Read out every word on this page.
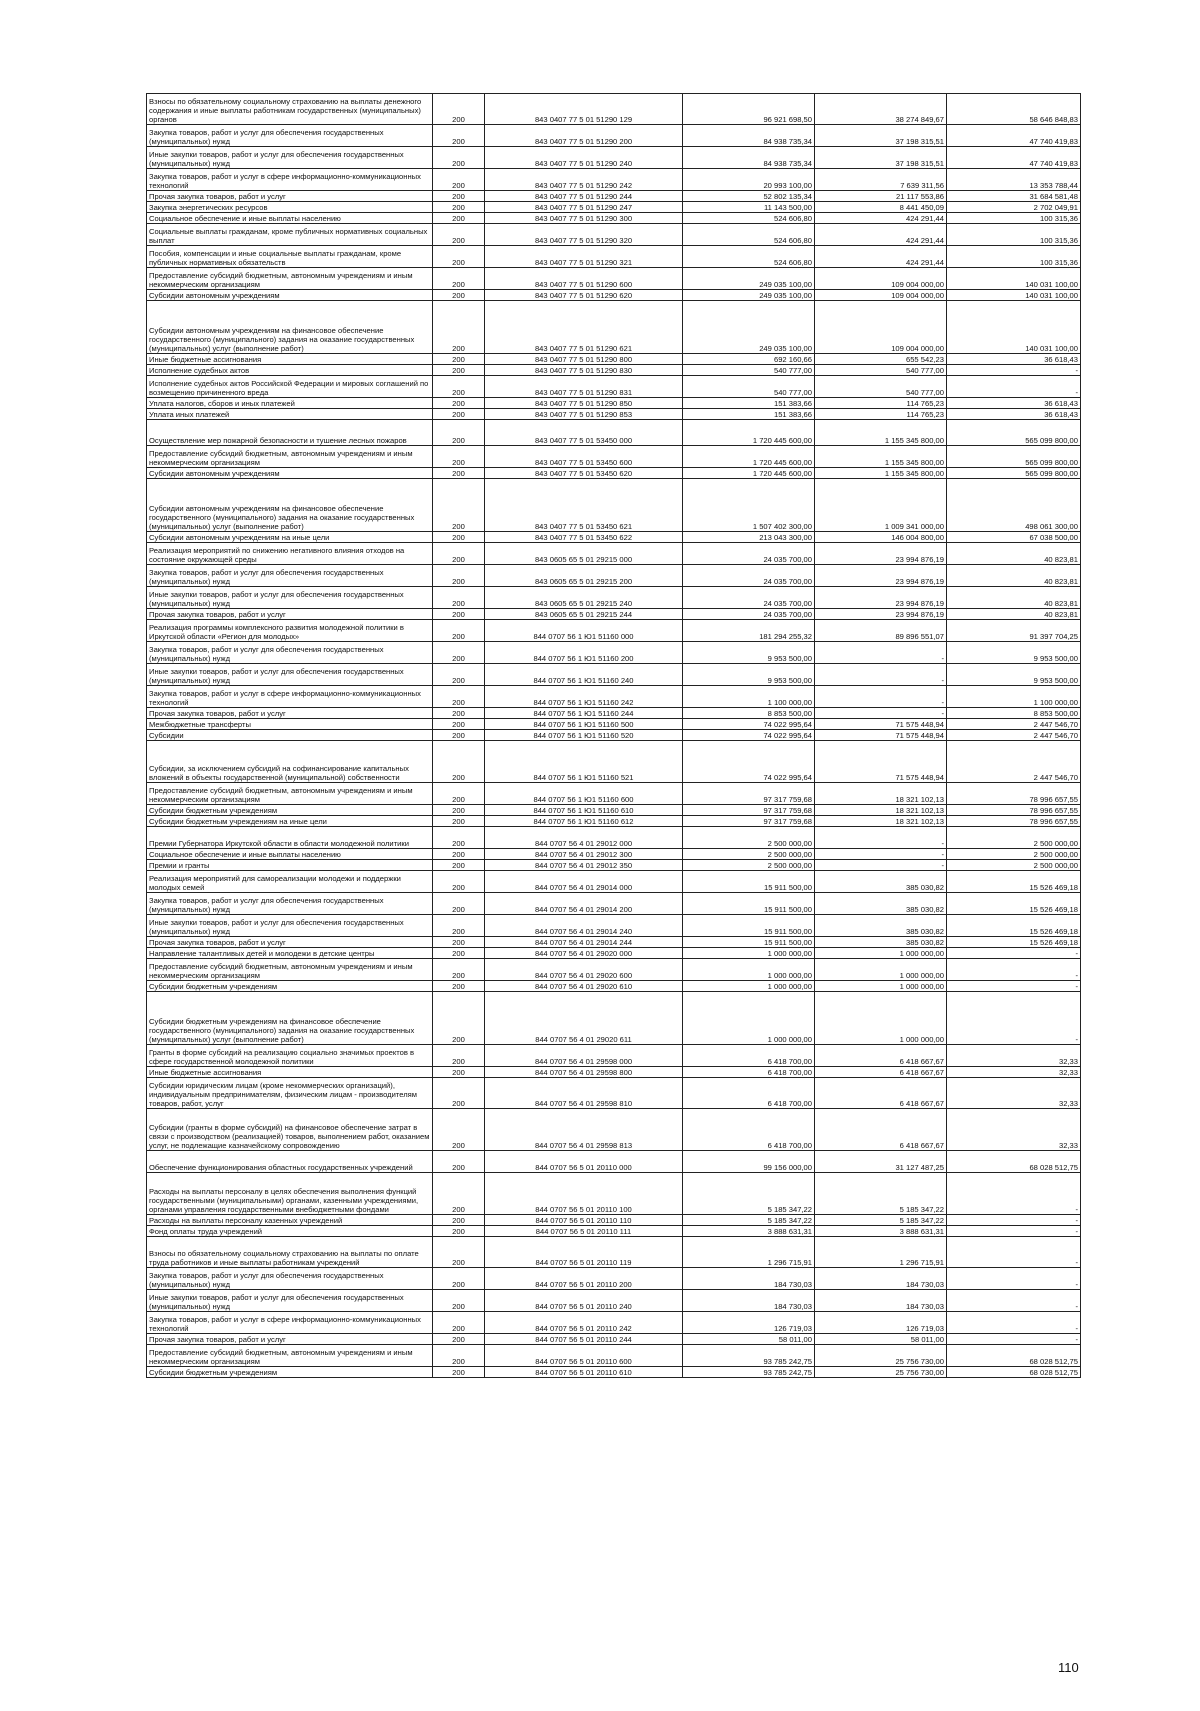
Взносы по обязательному социальному страхованию на выплаты денежного содержания и иные выплаты работникам государственных (муниципальных) органов	200	843 0407 77 5 01 51290 129	96 921 698,50	38 274 849,67	58 646 848,83
Закупка товаров, работ и услуг для обеспечения государственных (муниципальных) нужд	200	843 0407 77 5 01 51290 200	84 938 735,34	37 198 315,51	47 740 419,83
Иные закупки товаров, работ и услуг для обеспечения государственных (муниципальных) нужд	200	843 0407 77 5 01 51290 240	84 938 735,34	37 198 315,51	47 740 419,83
Закупка товаров, работ и услуг в сфере информационно-коммуникационных технологий	200	843 0407 77 5 01 51290 242	20 993 100,00	7 639 311,56	13 353 788,44
Прочая закупка товаров, работ и услуг	200	843 0407 77 5 01 51290 244	52 802 135,34	21 117 553,86	31 684 581,48
Закупка энергетических ресурсов	200	843 0407 77 5 01 51290 247	11 143 500,00	8 441 450,09	2 702 049,91
Социальное обеспечение и иные выплаты населению	200	843 0407 77 5 01 51290 300	524 606,80	424 291,44	100 315,36
Социальные выплаты гражданам, кроме публичных нормативных социальных выплат	200	843 0407 77 5 01 51290 320	524 606,80	424 291,44	100 315,36
Пособия, компенсации и иные социальные выплаты гражданам, кроме публичных нормативных обязательств	200	843 0407 77 5 01 51290 321	524 606,80	424 291,44	100 315,36
Предоставление субсидий бюджетным, автономным учреждениям и иным некоммерческим организациям	200	843 0407 77 5 01 51290 600	249 035 100,00	109 004 000,00	140 031 100,00
Субсидии автономным учреждениям	200	843 0407 77 5 01 51290 620	249 035 100,00	109 004 000,00	140 031 100,00
Субсидии автономным учреждениям на финансовое обеспечение государственного (муниципального) задания на оказание государственных (муниципальных) услуг (выполнение работ)	200	843 0407 77 5 01 51290 621	249 035 100,00	109 004 000,00	140 031 100,00
Иные бюджетные ассигнования	200	843 0407 77 5 01 51290 800	692 160,66	655 542,23	36 618,43
Исполнение судебных актов	200	843 0407 77 5 01 51290 830	540 777,00	540 777,00	-
Исполнение судебных актов Российской Федерации и мировых соглашений по возмещению причиненного вреда	200	843 0407 77 5 01 51290 831	540 777,00	540 777,00	-
Уплата налогов, сборов и иных платежей	200	843 0407 77 5 01 51290 850	151 383,66	114 765,23	36 618,43
Уплата иных платежей	200	843 0407 77 5 01 51290 853	151 383,66	114 765,23	36 618,43
Осуществление мер пожарной безопасности и тушение лесных пожаров	200	843 0407 77 5 01 53450 000	1 720 445 600,00	1 155 345 800,00	565 099 800,00
Предоставление субсидий бюджетным, автономным учреждениям и иным некоммерческим организациям	200	843 0407 77 5 01 53450 600	1 720 445 600,00	1 155 345 800,00	565 099 800,00
Субсидии автономным учреждениям	200	843 0407 77 5 01 53450 620	1 720 445 600,00	1 155 345 800,00	565 099 800,00
Субсидии автономным учреждениям на финансовое обеспечение государственного (муниципального) задания на оказание государственных (муниципальных) услуг (выполнение работ)	200	843 0407 77 5 01 53450 621	1 507 402 300,00	1 009 341 000,00	498 061 300,00
Субсидии автономным учреждениям на иные цели	200	843 0407 77 5 01 53450 622	213 043 300,00	146 004 800,00	67 038 500,00
Реализация мероприятий по снижению негативного влияния отходов на состояние окружающей среды	200	843 0605 65 5 01 29215 000	24 035 700,00	23 994 876,19	40 823,81
Закупка товаров, работ и услуг для обеспечения государственных (муниципальных) нужд	200	843 0605 65 5 01 29215 200	24 035 700,00	23 994 876,19	40 823,81
Иные закупки товаров, работ и услуг для обеспечения государственных (муниципальных) нужд	200	843 0605 65 5 01 29215 240	24 035 700,00	23 994 876,19	40 823,81
Прочая закупка товаров, работ и услуг	200	843 0605 65 5 01 29215 244	24 035 700,00	23 994 876,19	40 823,81
Реализация программы комплексного развития молодежной политики в Иркутской области «Регион для молодых»	200	844 0707 56 1 Ю1 51160 000	181 294 255,32	89 896 551,07	91 397 704,25
Закупка товаров, работ и услуг для обеспечения государственных (муниципальных) нужд	200	844 0707 56 1 Ю1 51160 200	9 953 500,00	-	9 953 500,00
Иные закупки товаров, работ и услуг для обеспечения государственных (муниципальных) нужд	200	844 0707 56 1 Ю1 51160 240	9 953 500,00	-	9 953 500,00
Закупка товаров, работ и услуг в сфере информационно-коммуникационных технологий	200	844 0707 56 1 Ю1 51160 242	1 100 000,00	-	1 100 000,00
Прочая закупка товаров, работ и услуг	200	844 0707 56 1 Ю1 51160 244	8 853 500,00	-	8 853 500,00
Межбюджетные трансферты	200	844 0707 56 1 Ю1 51160 500	74 022 995,64	71 575 448,94	2 447 546,70
Субсидии	200	844 0707 56 1 Ю1 51160 520	74 022 995,64	71 575 448,94	2 447 546,70
Субсидии, за исключением субсидий на софинансирование капитальных вложений в объекты государственной (муниципальной) собственности	200	844 0707 56 1 Ю1 51160 521	74 022 995,64	71 575 448,94	2 447 546,70
Предоставление субсидий бюджетным, автономным учреждениям и иным некоммерческим организациям	200	844 0707 56 1 Ю1 51160 600	97 317 759,68	18 321 102,13	78 996 657,55
Субсидии бюджетным учреждениям	200	844 0707 56 1 Ю1 51160 610	97 317 759,68	18 321 102,13	78 996 657,55
Субсидии бюджетным учреждениям на иные цели	200	844 0707 56 1 Ю1 51160 612	97 317 759,68	18 321 102,13	78 996 657,55
Премии Губернатора Иркутской области в области молодежной политики	200	844 0707 56 4 01 29012 000	2 500 000,00	-	2 500 000,00
Социальное обеспечение и иные выплаты населению	200	844 0707 56 4 01 29012 300	2 500 000,00	-	2 500 000,00
Премии и гранты	200	844 0707 56 4 01 29012 350	2 500 000,00	-	2 500 000,00
Реализация мероприятий для самореализации молодежи и поддержки молодых семей	200	844 0707 56 4 01 29014 000	15 911 500,00	385 030,82	15 526 469,18
Закупка товаров, работ и услуг для обеспечения государственных (муниципальных) нужд	200	844 0707 56 4 01 29014 200	15 911 500,00	385 030,82	15 526 469,18
Иные закупки товаров, работ и услуг для обеспечения государственных (муниципальных) нужд	200	844 0707 56 4 01 29014 240	15 911 500,00	385 030,82	15 526 469,18
Прочая закупка товаров, работ и услуг	200	844 0707 56 4 01 29014 244	15 911 500,00	385 030,82	15 526 469,18
Направление талантливых детей и молодежи в детские центры	200	844 0707 56 4 01 29020 000	1 000 000,00	1 000 000,00	-
Предоставление субсидий бюджетным, автономным учреждениям и иным некоммерческим организациям	200	844 0707 56 4 01 29020 600	1 000 000,00	1 000 000,00	-
Субсидии бюджетным учреждениям	200	844 0707 56 4 01 29020 610	1 000 000,00	1 000 000,00	-
Субсидии бюджетным учреждениям на финансовое обеспечение государственного (муниципального) задания на оказание государственных (муниципальных) услуг (выполнение работ)	200	844 0707 56 4 01 29020 611	1 000 000,00	1 000 000,00	-
Гранты в форме субсидий на реализацию социально значимых проектов в сфере государственной молодежной политики	200	844 0707 56 4 01 29598 000	6 418 700,00	6 418 667,67	32,33
Иные бюджетные ассигнования	200	844 0707 56 4 01 29598 800	6 418 700,00	6 418 667,67	32,33
Субсидии юридическим лицам (кроме некоммерческих организаций), индивидуальным предпринимателям, физическим лицам - производителям товаров, работ, услуг	200	844 0707 56 4 01 29598 810	6 418 700,00	6 418 667,67	32,33
Субсидии (гранты в форме субсидий) на финансовое обеспечение затрат в связи с производством (реализацией) товаров, выполнением работ, оказанием услуг, не подлежащие казначейскому сопровождению	200	844 0707 56 4 01 29598 813	6 418 700,00	6 418 667,67	32,33
Обеспечение функционирования областных государственных учреждений	200	844 0707 56 5 01 20110 000	99 156 000,00	31 127 487,25	68 028 512,75
Расходы на выплаты персоналу в целях обеспечения выполнения функций государственными (муниципальными) органами, казенными учреждениями, органами управления государственными внебюджетными фондами	200	844 0707 56 5 01 20110 100	5 185 347,22	5 185 347,22	-
Расходы на выплаты персоналу казенных учреждений	200	844 0707 56 5 01 20110 110	5 185 347,22	5 185 347,22	-
Фонд оплаты труда учреждений	200	844 0707 56 5 01 20110 111	3 888 631,31	3 888 631,31	-
Взносы по обязательному социальному страхованию на выплаты по оплате труда работников и иные выплаты работникам учреждений	200	844 0707 56 5 01 20110 119	1 296 715,91	1 296 715,91	-
Закупка товаров, работ и услуг для обеспечения государственных (муниципальных) нужд	200	844 0707 56 5 01 20110 200	184 730,03	184 730,03	-
Иные закупки товаров, работ и услуг для обеспечения государственных (муниципальных) нужд	200	844 0707 56 5 01 20110 240	184 730,03	184 730,03	-
Закупка товаров, работ и услуг в сфере информационно-коммуникационных технологий	200	844 0707 56 5 01 20110 242	126 719,03	126 719,03	-
Прочая закупка товаров, работ и услуг	200	844 0707 56 5 01 20110 244	58 011,00	58 011,00	-
Предоставление субсидий бюджетным, автономным учреждениям и иным некоммерческим организациям	200	844 0707 56 5 01 20110 600	93 785 242,75	25 756 730,00	68 028 512,75
Субсидии бюджетным учреждениям	200	844 0707 56 5 01 20110 610	93 785 242,75	25 756 730,00	68 028 512,75
110
